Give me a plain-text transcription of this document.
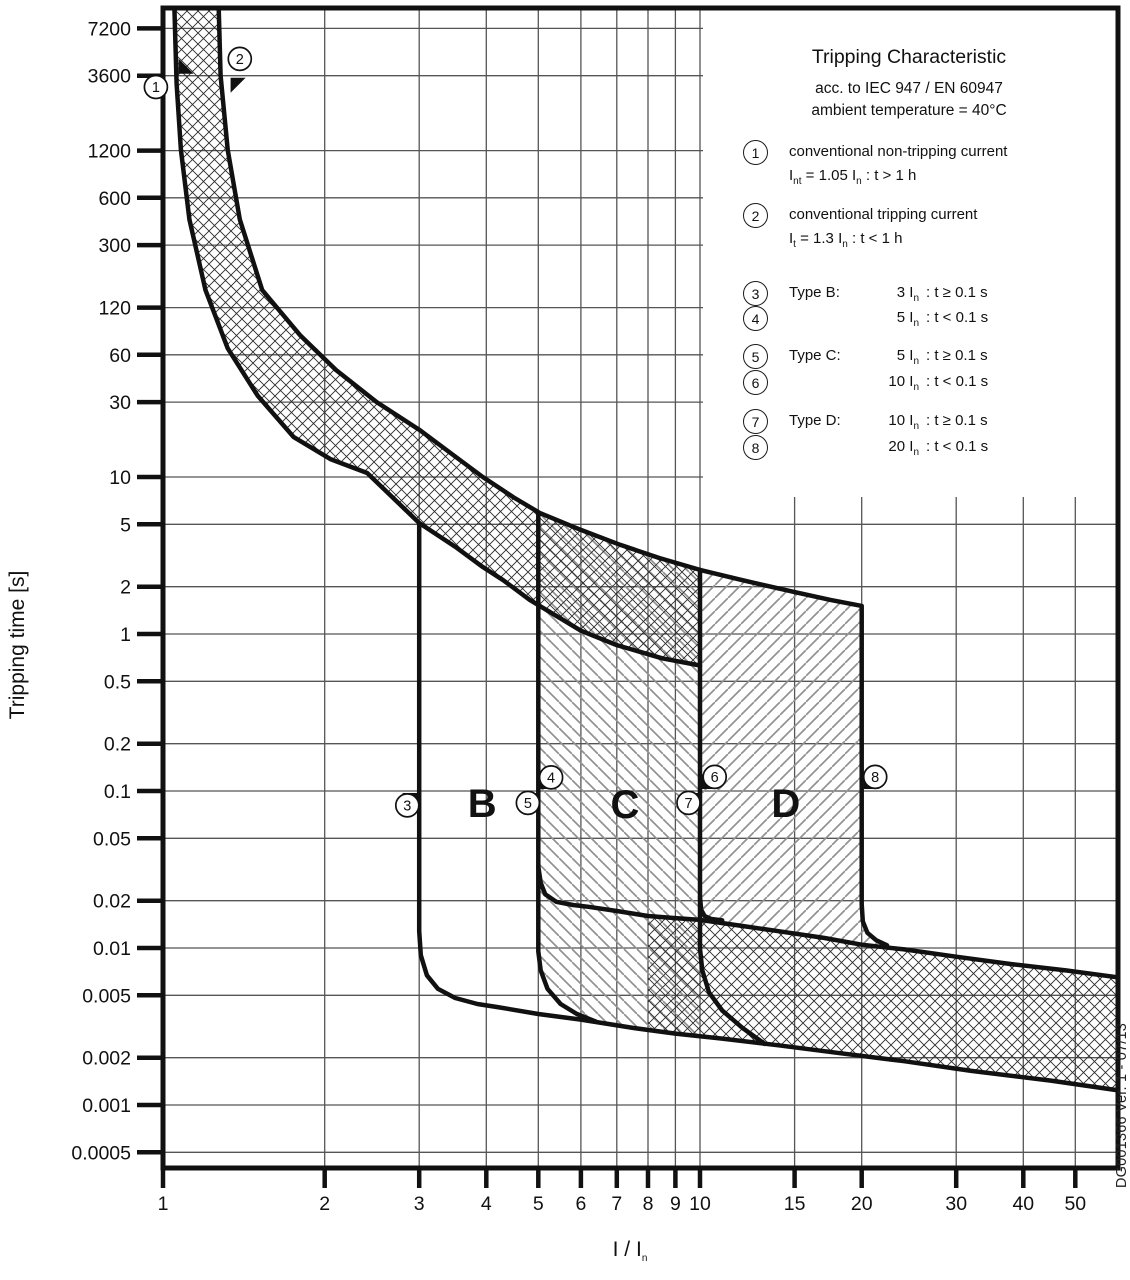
7200
3600
1200
600
300
120
60
30
10
5
2
1
0.5
0.2
0.1
0.05
0.02
0.01
0.005
0.002
0.001
0.0005
1	2	3	4 5 6 7 8 9 10	15 20	30 40 50
B	C	D
1
2
3
4
5
6
7
8
Tripping Characteristic
acc. to IEC 947 / EN 60947
ambient temperature = 40°C
1	conventional non-tripping current
$I_{nt} = 1.05$ $I_n$ : t > 1 h
2	conventional tripping current
$I_t = 1.3$ $I_n$ : t < 1 h
3	Type B:	3 $I_n$ : t ≥ 0.1 s
4	5 $I_n$ : t < 0.1 s
5	Type C:	5 $I_n$ : t ≥ 0.1 s
6	10 $I_n$ : t < 0.1 s
7	Type D:	10 $I_n$ : t ≥ 0.1 s
8	20 $I_n$ : t < 0.1 s
Tripping time [s]
I / $I_n$
DG001366 Ver. 1 - 07/13
